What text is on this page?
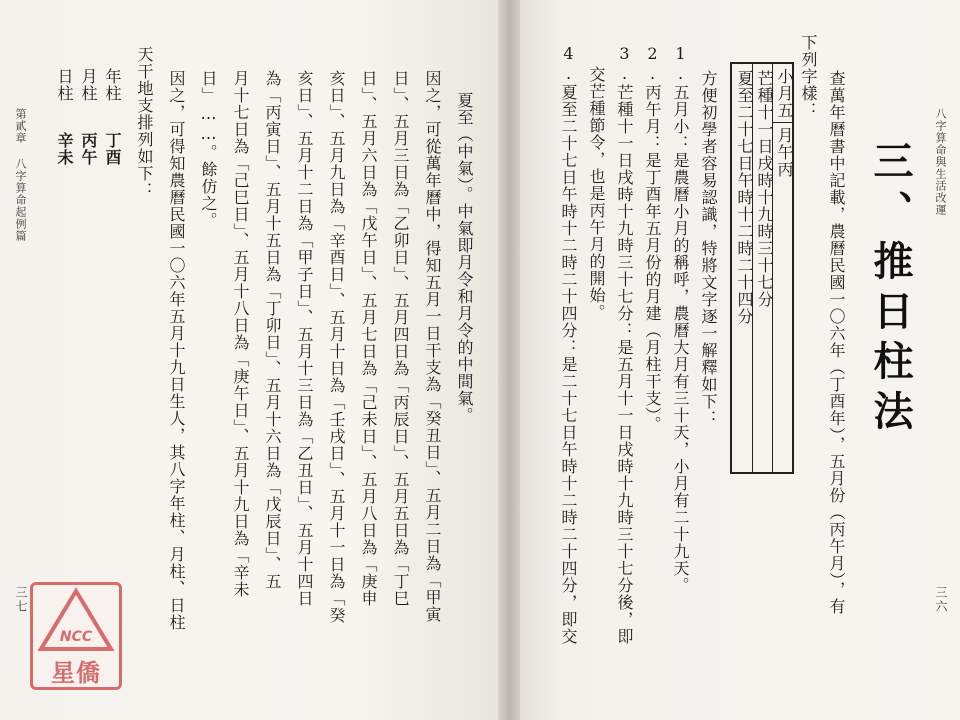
第貳章 八字算命起例篇
三七
夏至（中氣）。中氣即月令和月令的中間氣。
因之，可從萬年曆中，得知五月一日干支為「癸丑日」、五月二日為「甲寅
日」、五月三日為「乙卯日」、五月四日為「丙辰日」、五月五日為「丁巳
日」、五月六日為「戊午日」、五月七日為「己未日」、五月八日為「庚申
亥日」、五月九日為「辛酉日」、五月十日為「壬戌日」、五月十一日為「癸
亥日」、五月十二日為「甲子日」、五月十三日為「乙丑日」、五月十四日
為「丙寅日」、五月十五日為「丁卯日」、五月十六日為「戊辰日」、五
月十七日為「己巳日」、五月十八日為「庚午日」、五月十九日為「辛未
日」……。餘仿之。
因之，可得知農曆民國一〇六年五月十九日生人，其八字年柱、月柱、日柱
天干地支排列如下：
年柱
丁酉
月柱
丙午
日柱
辛未
NCC
星僑
八字算命與生活改運
三六
三、推日柱法
查萬年曆書中記載，農曆民國一〇六年（丁酉年），五月份（丙午月），有
下列字樣：
小月五
月午丙
芒種十一日戌時十九時三十七分
夏至二十七日午時十二時二十四分
方便初學者容易認識，特將文字逐一解釋如下：
1.五月小：是農曆小月的稱呼，農曆大月有三十天，小月有二十九天。
2.丙午月：是丁酉年五月份的月建（月柱干支）。
3.芒種十一日戌時十九時三十七分：是五月十一日戌時十九時三十七分後，即
交芒種節令，也是丙午月的開始。
4.夏至二十七日午時十二時二十四分：是二十七日午時十二時二十四分，即交
